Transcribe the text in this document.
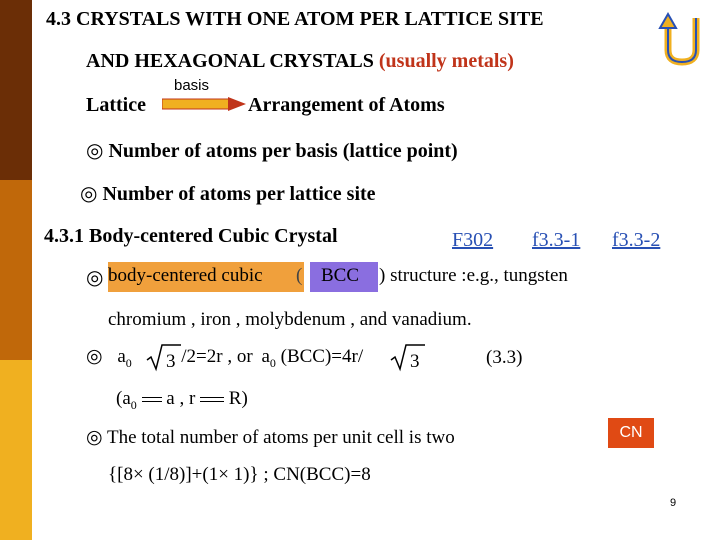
4.3 CRYSTALS WITH ONE ATOM PER LATTICE SITE
AND HEXAGONAL CRYSTALS (usually metals)
Lattice
basis
Arrangement of Atoms
◎ Number of atoms per basis (lattice point)
◎ Number of atoms per lattice site
4.3.1 Body-centered Cubic Crystal	F302 f3.3-1 f3.3-2
◎ body-centered cubic ( BCC ) structure :e.g., tungsten
chromium , iron , molybdenum , and vanadium.
◎ $a_0$	/2=2r , or $a_0$ (BCC)=4r/
3	3	(3.3)
($a_0$ a , r R)
◎ The total number of atoms per unit cell is two	CN
{[8× (1/8)]+(1× 1)} ; CN(BCC)=8
9
